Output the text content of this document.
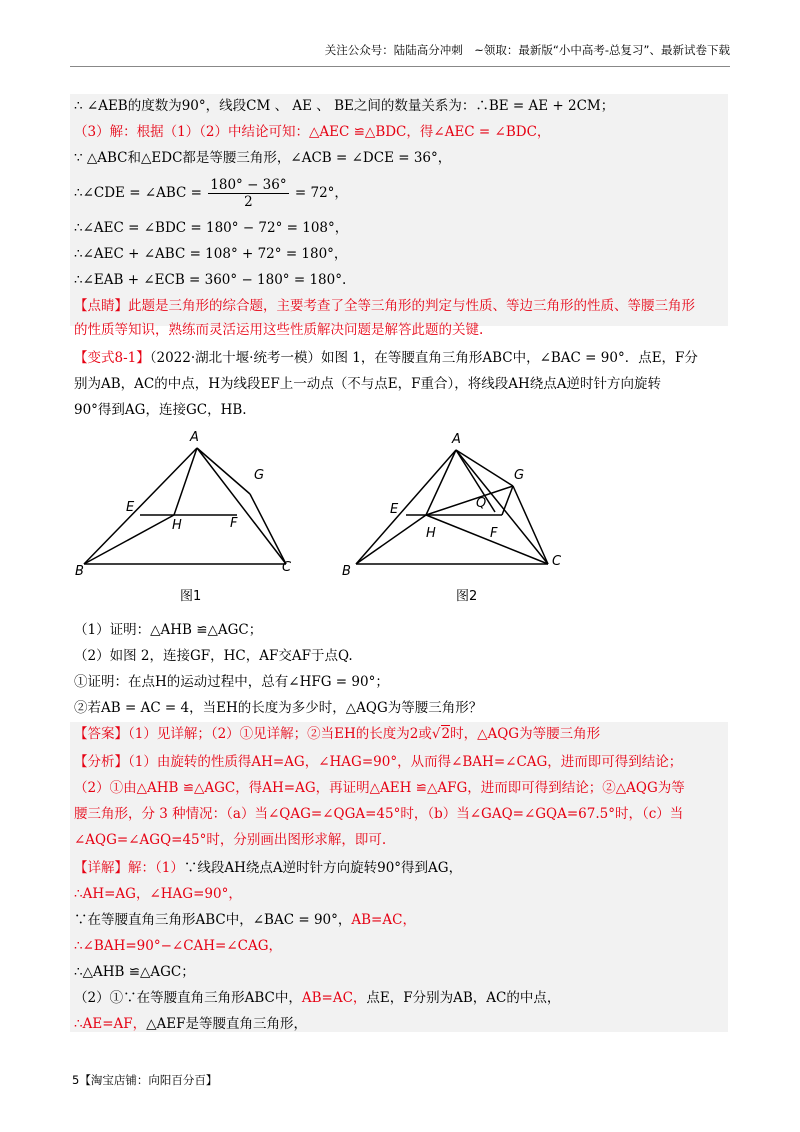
关注公众号：陆陆高分冲刺　~领取：最新版“小中高考-总复习”、最新试卷下载
∴ ∠AEB的度数为90°，线段CM 、 AE 、 BE之间的数量关系为：∴BE = AE + 2CM；
（3）解：根据（1）（2）中结论可知：△AEC ≌△BDC，得∠AEC = ∠BDC，
∵ △ABC和△EDC都是等腰三角形，∠ACB = ∠DCE = 36°，
∴∠CDE = ∠ABC = $\frac{180^\circ - 36^\circ}{2} = 72^\circ$，
∴∠AEC = ∠BDC = 180° − 72° = 108°，
∴∠AEC + ∠ABC = 108° + 72° = 180°，
∴∠EAB + ∠ECB = 360° − 180° = 180°.
【点睛】此题是三角形的综合题，主要考查了全等三角形的判定与性质、等边三角形的性质、等腰三角形
的性质等知识，熟练而灵活运用这些性质解决问题是解答此题的关键.
【变式8-1】（2022·湖北十堰·统考一模）如图 1，在等腰直角三角形ABC中，∠BAC = 90°．点E，F分
别为AB，AC的中点，H为线段EF上一动点（不与点E，F重合），将线段AH绕点A逆时针方向旋转
90°得到AG，连接GC，HB.
A
B	C
E
F
G
H
图1
A
B
C
E
F
G
H
Q
图2
（1）证明：△AHB ≌△AGC；
（2）如图 2，连接GF，HC，AF交AF于点Q.
①证明：在点H的运动过程中，总有∠HFG = 90°；
②若AB = AC = 4，当EH的长度为多少时，△AQG为等腰三角形？
【答案】（1）见详解；（2）①见详解；②当EH的长度为2或√2时，△AQG为等腰三角形
【分析】（1）由旋转的性质得AH=AG，∠HAG=90°，从而得∠BAH=∠CAG，进而即可得到结论；
（2）①由△AHB ≌△AGC，得AH=AG，再证明△AEH ≌△AFG，进而即可得到结论；②△AQG为等
腰三角形，分 3 种情况：（a）当∠QAG=∠QGA=45°时，（b）当∠GAQ=∠GQA=67.5°时，（c）当
∠AQG=∠AGQ=45°时，分别画出图形求解，即可.
【详解】解：（1）∵线段AH绕点A逆时针方向旋转90°得到AG，
∴AH=AG，∠HAG=90°，
∵在等腰直角三角形ABC中，∠BAC = 90°，AB=AC，
∴∠BAH=90°−∠CAH=∠CAG，
∴△AHB ≌△AGC；
（2）①∵在等腰直角三角形ABC中，AB=AC，点E，F分别为AB，AC的中点，
∴AE=AF，△AEF是等腰直角三角形，
5【淘宝店铺：向阳百分百】
